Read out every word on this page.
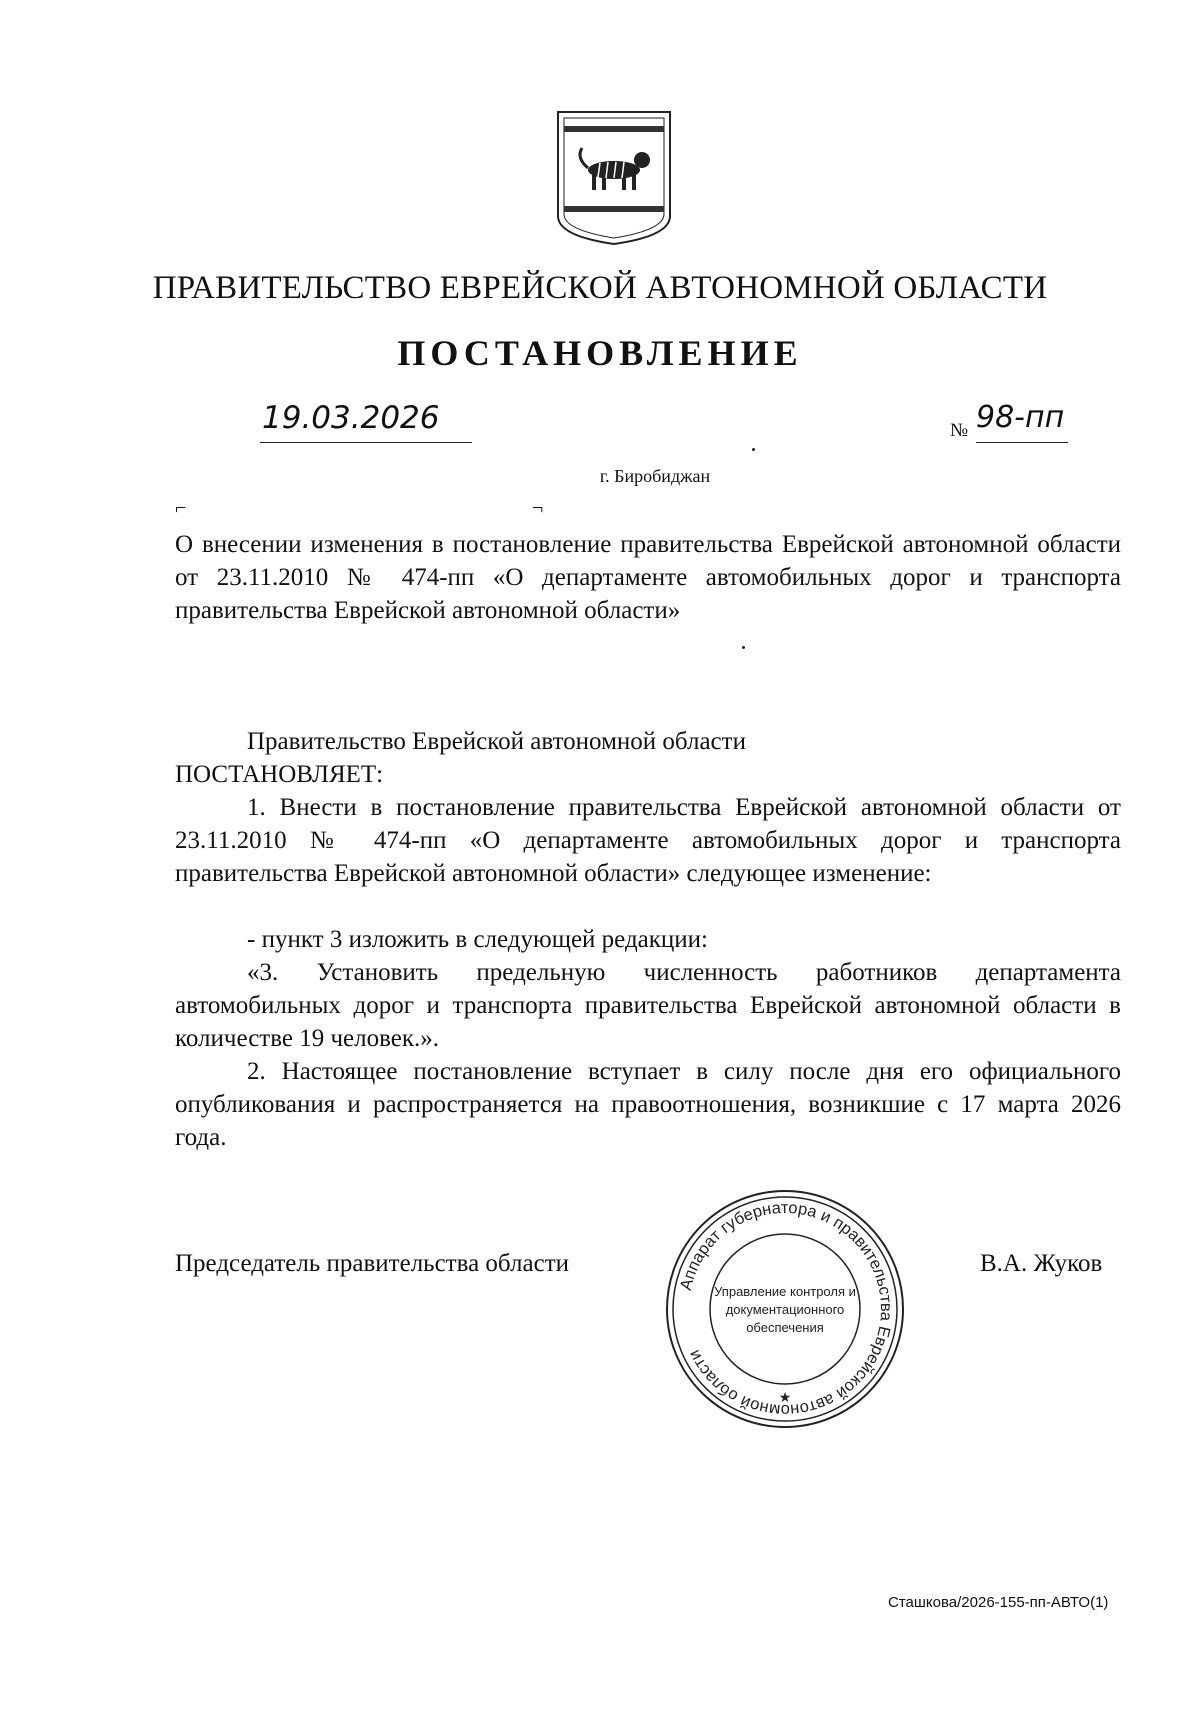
ПРАВИТЕЛЬСТВО ЕВРЕЙСКОЙ АВТОНОМНОЙ ОБЛАСТИ
ПОСТАНОВЛЕНИЕ
19.03.2026	№ 98-пп
г. Биробиджан
⌐	¬
О внесении изменения в постановление правительства Еврейской автономной области от 23.11.2010 № 474-пп «О департаменте автомобильных дорог и транспорта правительства Еврейской автономной области»
Правительство Еврейской автономной области
ПОСТАНОВЛЯЕТ:
1. Внести в постановление правительства Еврейской автономной области от 23.11.2010 № 474-пп «О департаменте автомобильных дорог и транспорта правительства Еврейской автономной области» следующее изменение:
- пункт 3 изложить в следующей редакции:
«3. Установить предельную численность работников департамента автомобильных дорог и транспорта правительства Еврейской автономной области в количестве 19 человек.».
2. Настоящее постановление вступает в силу после дня его официального опубликования и распространяется на правоотношения, возникшие с 17 марта 2026 года.
Председатель правительства области	В.А. Жуков
Аппарат губернатора и правительства Еврейской автономной области
Управление контроля и
документационного
обеспечения
★
Сташкова/2026-155-пп-АВТО(1)
